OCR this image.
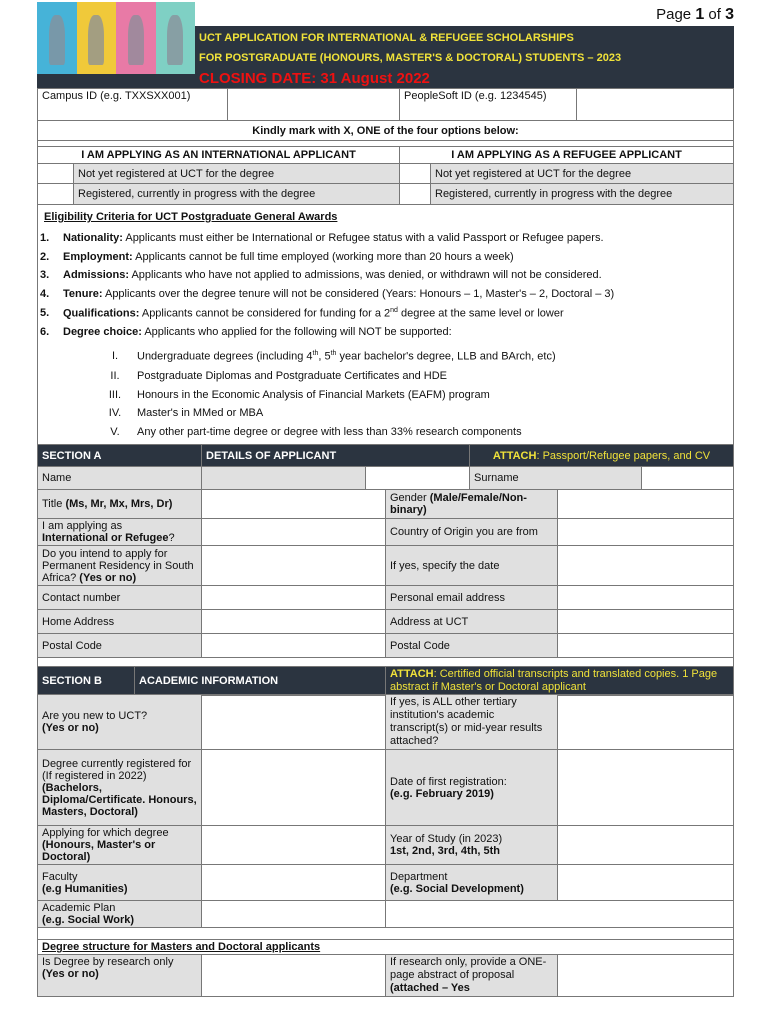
Page 1 of 3
UCT APPLICATION FOR INTERNATIONAL & REFUGEE SCHOLARSHIPS
FOR POSTGRADUATE (HONOURS, MASTER'S & DOCTORAL) STUDENTS – 2023
CLOSING DATE: 31 August 2022
Campus ID (e.g. TXXSXX001)		PeopleSoft ID (e.g. 1234545)	
Kindly mark with X, ONE of the four options below:			

I AM APPLYING AS AN INTERNATIONAL APPLICANT		I AM APPLYING AS A REFUGEE APPLICANT	
	Not yet registered at UCT for the degree		Not yet registered at UCT for the degree
	Registered, currently in progress with the degree		Registered, currently in progress with the degree
Eligibility Criteria for UCT Postgraduate General Awards
1. Nationality: Applicants must either be International or Refugee status with a valid Passport or Refugee papers.
2. Employment: Applicants cannot be full time employed (working more than 20 hours a week)
3. Admissions: Applicants who have not applied to admissions, was denied, or withdrawn will not be considered.
4. Tenure: Applicants over the degree tenure will not be considered (Years: Honours – 1, Master's – 2, Doctoral – 3)
5. Qualifications: Applicants cannot be considered for funding for a 2nd degree at the same level or lower
6. Degree choice: Applicants who applied for the following will NOT be supported:
I.	Undergraduate degrees (including 4th, 5th year bachelor's degree, LLB and BArch, etc)
II.	Postgraduate Diplomas and Postgraduate Certificates and HDE
III.	Honours in the Economic Analysis of Financial Markets (EAFM) program
IV.	Master's in MMed or MBA
V.	Any other part-time degree or degree with less than 33% research components
SECTION A	DETAILS OF APPLICANT	ATTACH: Passport/Refugee papers, and CV
Name			Surname	
Title (Ms, Mr, Mx, Mrs, Dr)		Gender (Male/Female/Non-binary)	
I am applying as
International or Refugee?		Country of Origin you are from	
Do you intend to apply for Permanent Residency in South Africa? (Yes or no)		If yes, specify the date	
Contact number		Personal email address	
Home Address		Address at UCT	
Postal Code		Postal Code	

SECTION B	ACADEMIC INFORMATION	ATTACH: Certified official transcripts and translated copies. 1 Page abstract if Master's or Doctoral applicant
Are you new to UCT?
(Yes or no)		If yes, is ALL other tertiary institution's academic transcript(s) or mid-year results attached?	
Degree currently registered for (If registered in 2022)
(Bachelors, Diploma/Certificate. Honours, Masters, Doctoral)		Date of first registration:
(e.g. February 2019)	
Applying for which degree
(Honours, Master's or Doctoral)		Year of Study (in 2023)
1st, 2nd, 3rd, 4th, 5th	
Faculty
(e.g Humanities)		Department
(e.g. Social Development)	
Academic Plan
(e.g. Social Work)			

Degree structure for Masters and Doctoral applicants			
Is Degree by research only
(Yes or no)		If research only, provide a ONE-page abstract of proposal (attached – Yes	
